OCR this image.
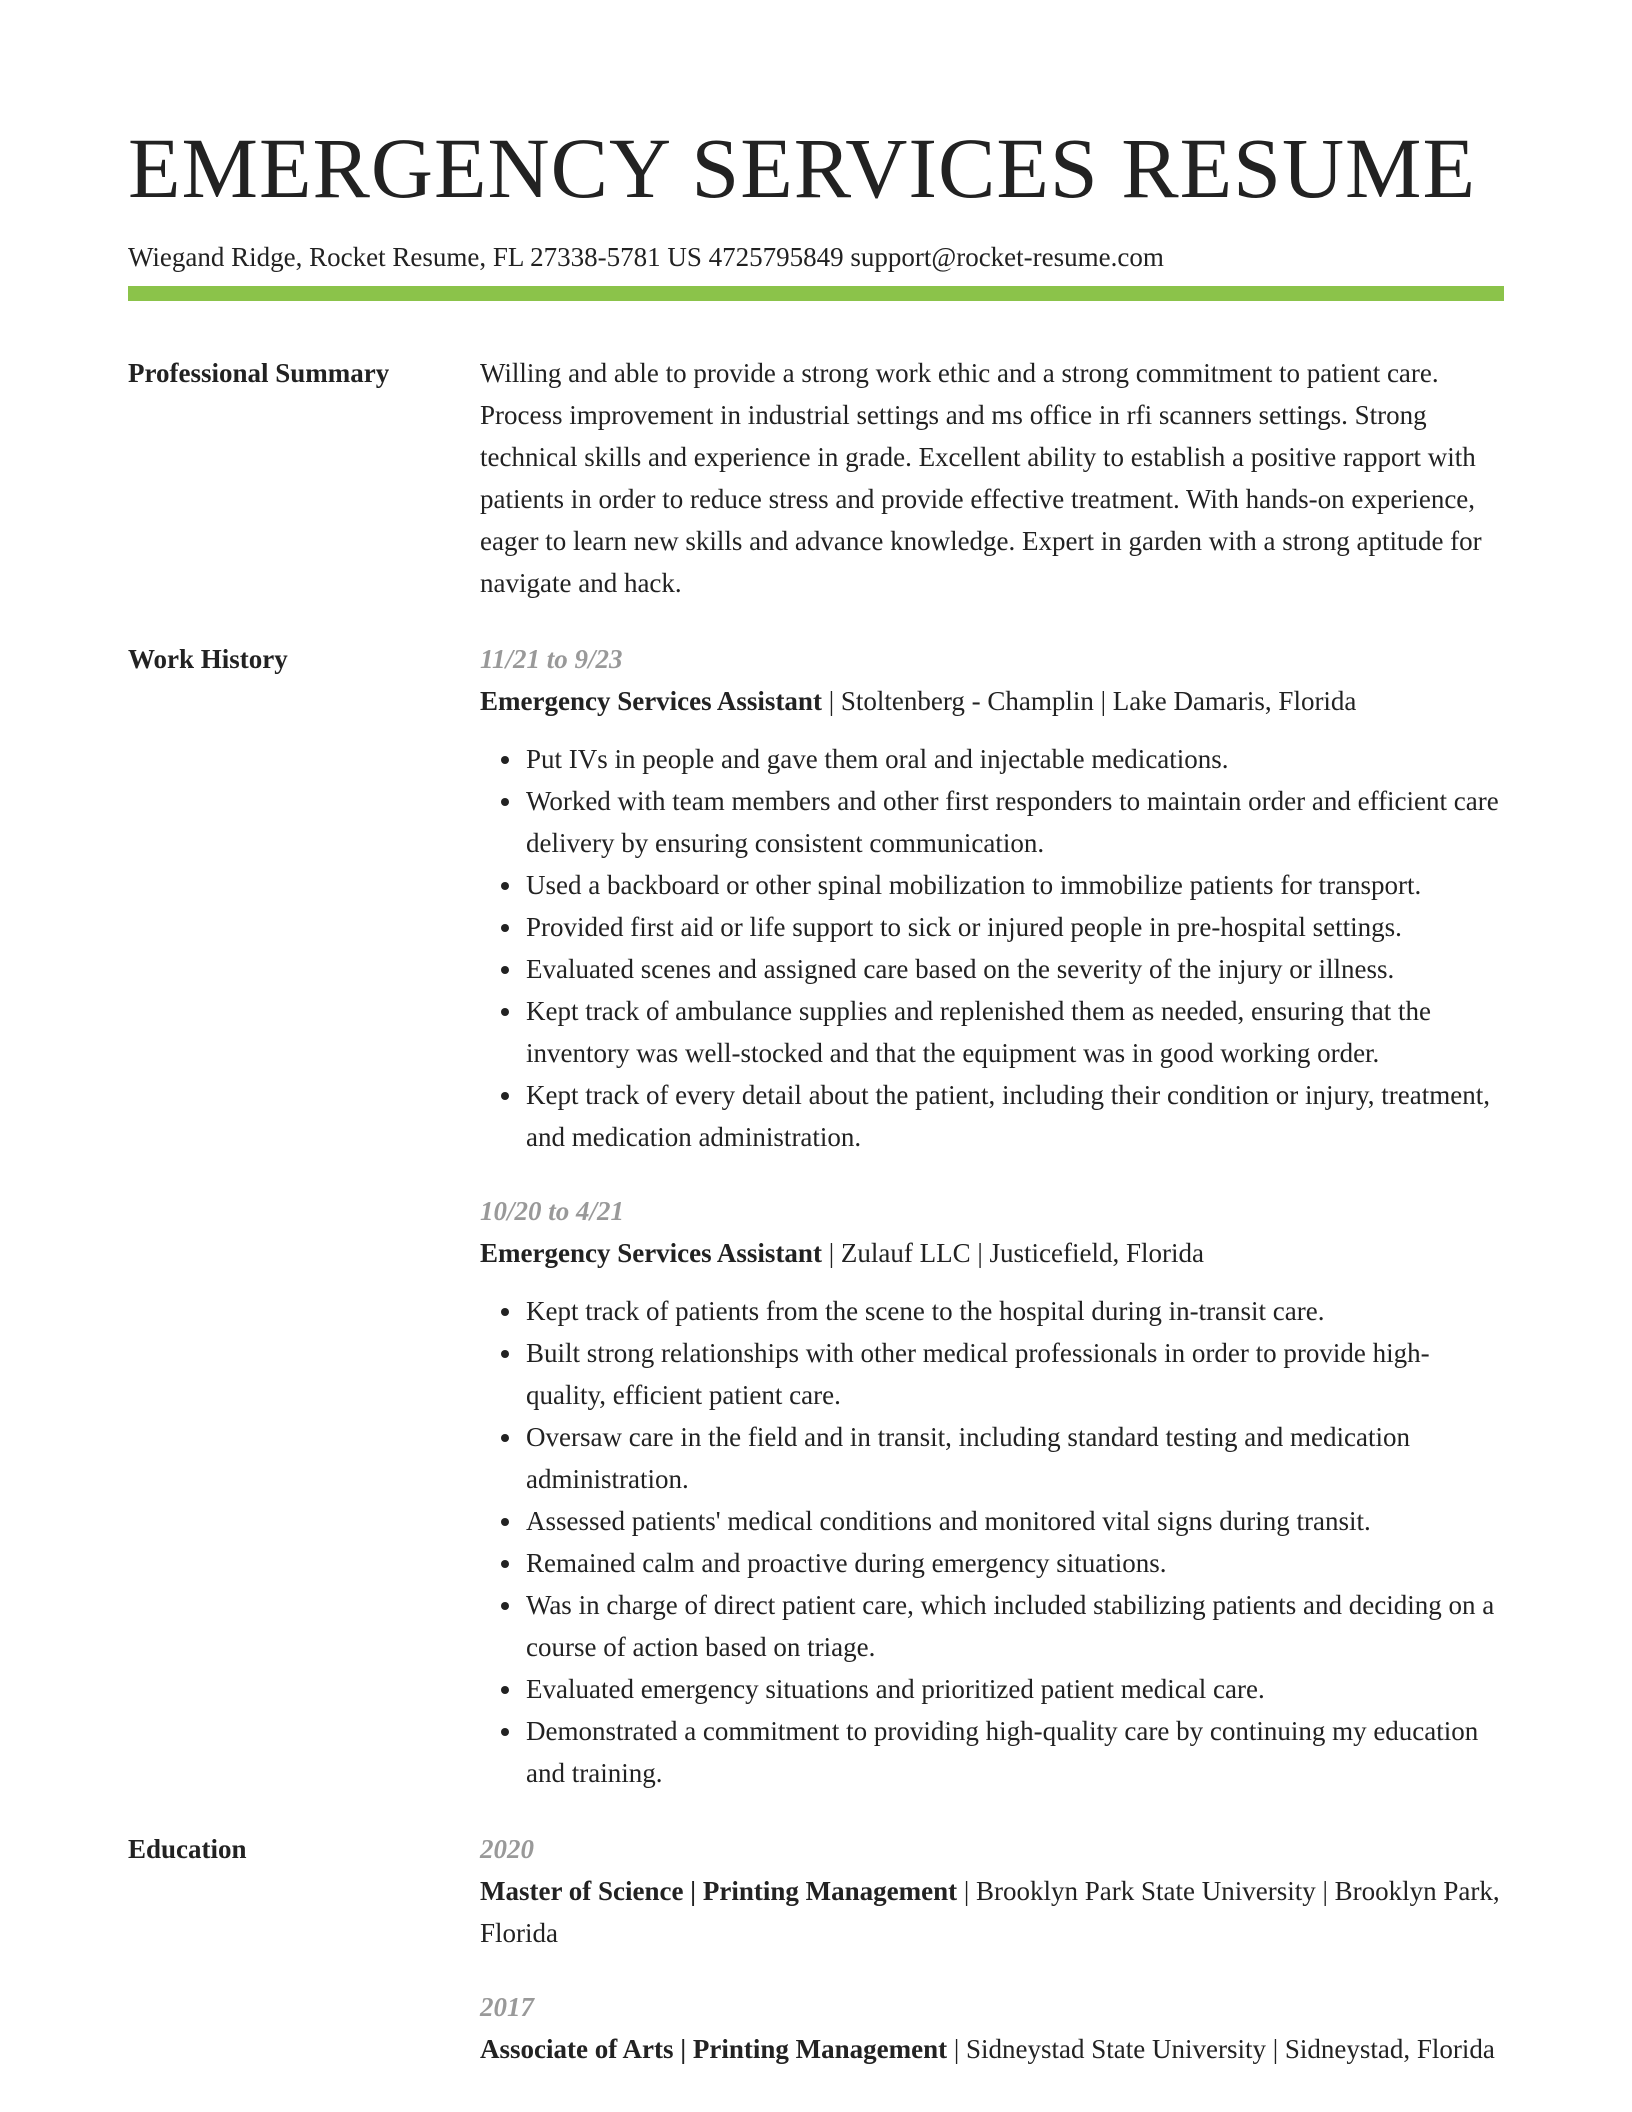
EMERGENCY SERVICES RESUME
Wiegand Ridge, Rocket Resume, FL 27338-5781 US 4725795849 support@rocket-resume.com
Professional Summary	Willing and able to provide a strong work ethic and a strong commitment to patient care. Process improvement in industrial settings and ms office in rfi scanners settings. Strong technical skills and experience in grade. Excellent ability to establish a positive rapport with patients in order to reduce stress and provide effective treatment. With hands-on experience, eager to learn new skills and advance knowledge. Expert in garden with a strong aptitude for navigate and hack.

Work History	11/21 to 9/23
Emergency Services Assistant | Stoltenberg - Champlin | Lake Damaris, Florida
• Put IVs in people and gave them oral and injectable medications.
• Worked with team members and other first responders to maintain order and efficient care delivery by ensuring consistent communication.
• Used a backboard or other spinal mobilization to immobilize patients for transport.
• Provided first aid or life support to sick or injured people in pre-hospital settings.
• Evaluated scenes and assigned care based on the severity of the injury or illness.
• Kept track of ambulance supplies and replenished them as needed, ensuring that the inventory was well-stocked and that the equipment was in good working order.
• Kept track of every detail about the patient, including their condition or injury, treatment, and medication administration.
10/20 to 4/21
Emergency Services Assistant | Zulauf LLC | Justicefield, Florida
• Kept track of patients from the scene to the hospital during in-transit care.
• Built strong relationships with other medical professionals in order to provide high-quality, efficient patient care.
• Oversaw care in the field and in transit, including standard testing and medication administration.
• Assessed patients' medical conditions and monitored vital signs during transit.
• Remained calm and proactive during emergency situations.
• Was in charge of direct patient care, which included stabilizing patients and deciding on a course of action based on triage.
• Evaluated emergency situations and prioritized patient medical care.
• Demonstrated a commitment to providing high-quality care by continuing my education and training.
Education	2020
Master of Science | Printing Management | Brooklyn Park State University | Brooklyn Park, Florida
2017
Associate of Arts | Printing Management | Sidneystad State University | Sidneystad, Florida
